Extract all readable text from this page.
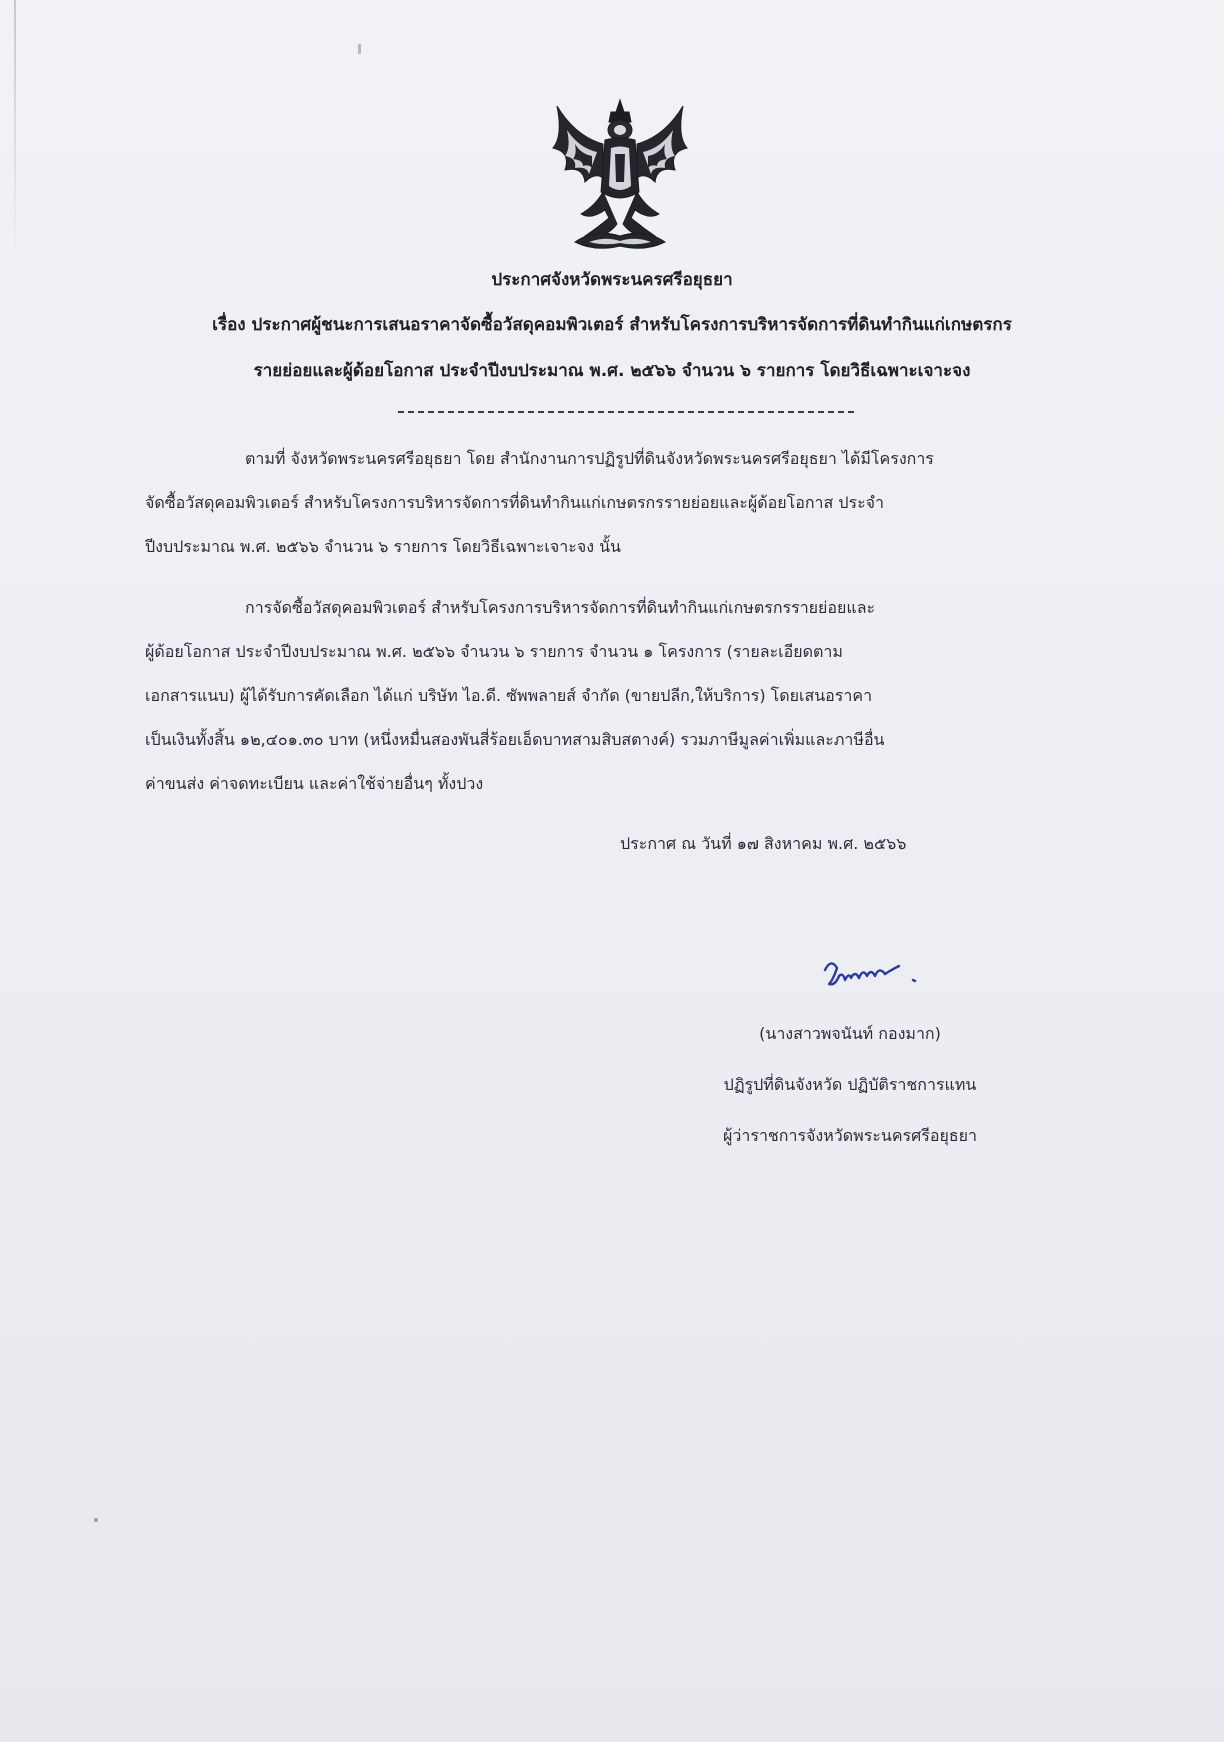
ประกาศจังหวัดพระนครศรีอยุธยา
เรื่อง ประกาศผู้ชนะการเสนอราคาจัดซื้อวัสดุคอมพิวเตอร์ สำหรับโครงการบริหารจัดการที่ดินทำกินแก่เกษตรกร
รายย่อยและผู้ด้อยโอกาส ประจำปีงบประมาณ พ.ศ. ๒๕๖๖ จำนวน ๖ รายการ โดยวิธีเฉพาะเจาะจง
ตามที่ จังหวัดพระนครศรีอยุธยา โดย สำนักงานการปฏิรูปที่ดินจังหวัดพระนครศรีอยุธยา ได้มีโครงการ
จัดซื้อวัสดุคอมพิวเตอร์ สำหรับโครงการบริหารจัดการที่ดินทำกินแก่เกษตรกรรายย่อยและผู้ด้อยโอกาส ประจำ
ปีงบประมาณ พ.ศ. ๒๕๖๖ จำนวน ๖ รายการ โดยวิธีเฉพาะเจาะจง นั้น
การจัดซื้อวัสดุคอมพิวเตอร์ สำหรับโครงการบริหารจัดการที่ดินทำกินแก่เกษตรกรรายย่อยและ
ผู้ด้อยโอกาส ประจำปีงบประมาณ พ.ศ. ๒๕๖๖ จำนวน ๖ รายการ จำนวน ๑ โครงการ (รายละเอียดตาม
เอกสารแนบ) ผู้ได้รับการคัดเลือก ได้แก่ บริษัท ไอ.ดี. ซัพพลายส์ จำกัด (ขายปลีก,ให้บริการ) โดยเสนอราคา
เป็นเงินทั้งสิ้น ๑๒,๔๐๑.๓๐ บาท (หนึ่งหมื่นสองพันสี่ร้อยเอ็ดบาทสามสิบสตางค์) รวมภาษีมูลค่าเพิ่มและภาษีอื่น
ค่าขนส่ง ค่าจดทะเบียน และค่าใช้จ่ายอื่นๆ ทั้งปวง
ประกาศ ณ วันที่ ๑๗ สิงหาคม พ.ศ. ๒๕๖๖
(นางสาวพจนันท์ กองมาก)
ปฏิรูปที่ดินจังหวัด ปฏิบัติราชการแทน
ผู้ว่าราชการจังหวัดพระนครศรีอยุธยา
